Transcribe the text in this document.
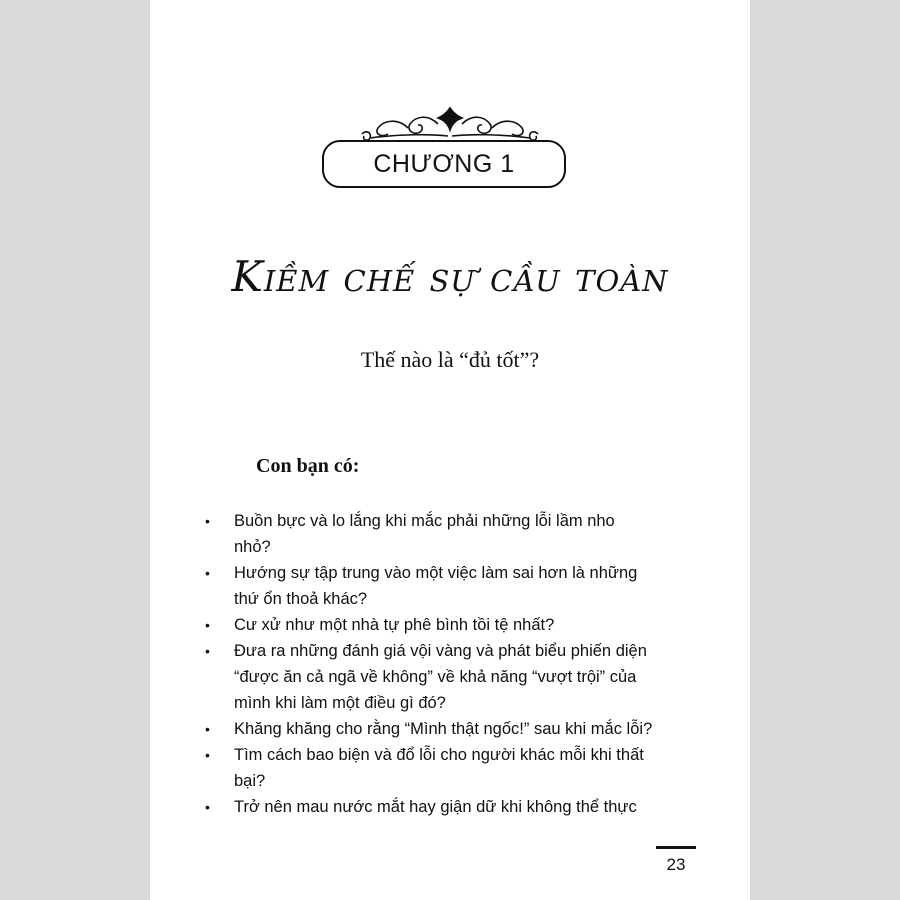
CHƯƠNG 1
Kiềm chế sự cầu toàn
Thế nào là “đủ tốt”?
Con bạn có:
•	Buồn bực và lo lắng khi mắc phải những lỗi lầm nho
nhỏ?
•	Hướng sự tập trung vào một việc làm sai hơn là những
thứ ổn thoả khác?
•	Cư xử như một nhà tự phê bình tồi tệ nhất?
•	Đưa ra những đánh giá vội vàng và phát biểu phiến diện
“được ăn cả ngã về không” về khả năng “vượt trội” của
mình khi làm một điều gì đó?
•	Khăng khăng cho rằng “Mình thật ngốc!” sau khi mắc lỗi?
•	Tìm cách bao biện và đổ lỗi cho người khác mỗi khi thất
bại?
•	Trở nên mau nước mắt hay giận dữ khi không thể thực
23
